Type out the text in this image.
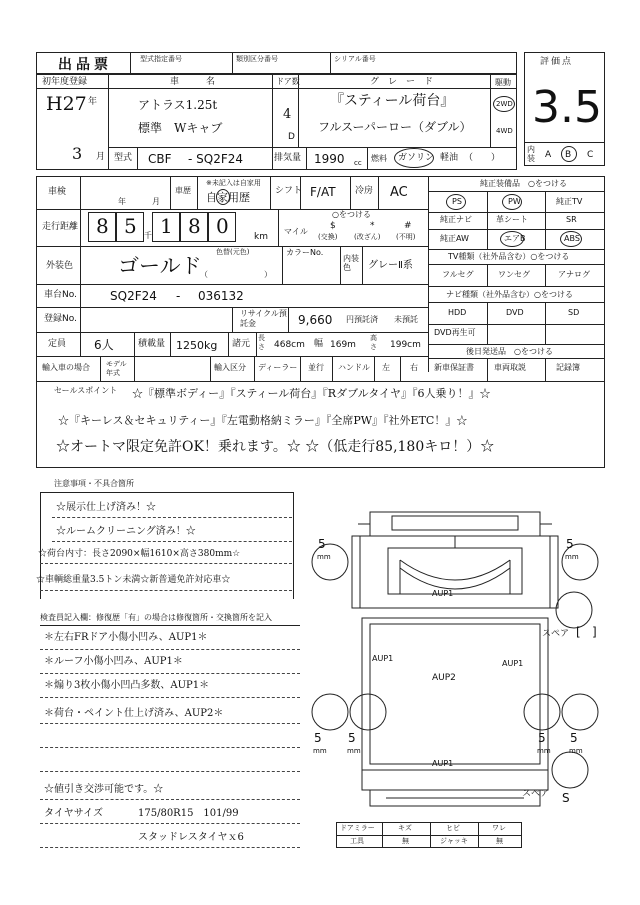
出品票	型式指定番号	類別区分番号	シリアル番号	評価点
3.5
内装 A B C
初年度登録
H27 年
3 月
車　　　名
アトラス1.25t
標準　Wキャブ
ドア数
4
D
グ　レ　ー　ド
『スティール荷台』
フルスーパーロー（ダブル）
駆動
2WD
4WD
型式 CBF - SQ2F24	排気量 1990 cc 燃料 ガソリン 軽油 （　　）
車検
年	月
車歴
※未記入は自家用
自家用歴	シフト F/AT 冷房 AC
走行距離 8 5 千 1 8 0	km
○をつける
マイル
$
(交換)
*
(改ざん)
#
(不明)
外装色
色替(元色)
ゴールド
（　　　　　　　）
カラーNo.
内装色	グレーⅡ系
車台No.	SQ2F24 - 036132
登録No.
リサイクル預託金	9,660 円預託済 未預託
定員 6人	積載量 1250kg 諸元
長さ 468cm 幅 169m
高さ 199cm
輸入車の場合 モデル年式
輸入区分 ディーラー 並行 ハンドル 左	右
純正装備品　○をつける
PS	PW	純正TV
純正ナビ	革シート	SR
純正AW	エアB	ABS
TV種類（社外品含む）○をつける
フルセグ	ワンセグ	アナログ
ナビ種類（社外品含む）○をつける
HDD	DVD	SD
DVD再生可
後日発送品　○をつける
新車保証書	車両取説	記録簿
セールスポイント ☆『標準ボディー』『スティール荷台』『Rダブルタイヤ』『6人乗り！』☆
☆『キーレス＆セキュリティー』『左電動格納ミラー』『全席PW』『社外ETC！』☆
☆オートマ限定免許OK！乗れます。☆ ☆（低走行85,180キロ！）☆
注意事項・不具合箇所
☆展示仕上げ済み！☆
☆ルームクリーニング済み！☆
☆荷台内寸：長さ2090×幅1610×高さ380mm☆
☆車輌総重量3.5トン未満☆新普通免許対応車☆
検査員記入欄：修復歴「有」の場合は修復箇所・交換箇所を記入
＊左右FRドア小傷小凹み、AUP1＊
＊ルーフ小傷小凹み、AUP1＊
＊煽り3枚小傷小凹凸多数、AUP1＊
＊荷台・ペイント仕上げ済み、AUP2＊
☆値引き交渉可能です。☆
タイヤサイズ	175/80R15　101/99
スタッドレスタイヤｘ6
AUP1
AUP1
AUP1
AUP2
AUP1
5
mm
5
mm
5
mm
5
mm
5
mm
5
mm
スペア [ ]
スペア S
ドアミラー	キズ	ヒビ	ワレ
工具	無	ジャッキ	無
